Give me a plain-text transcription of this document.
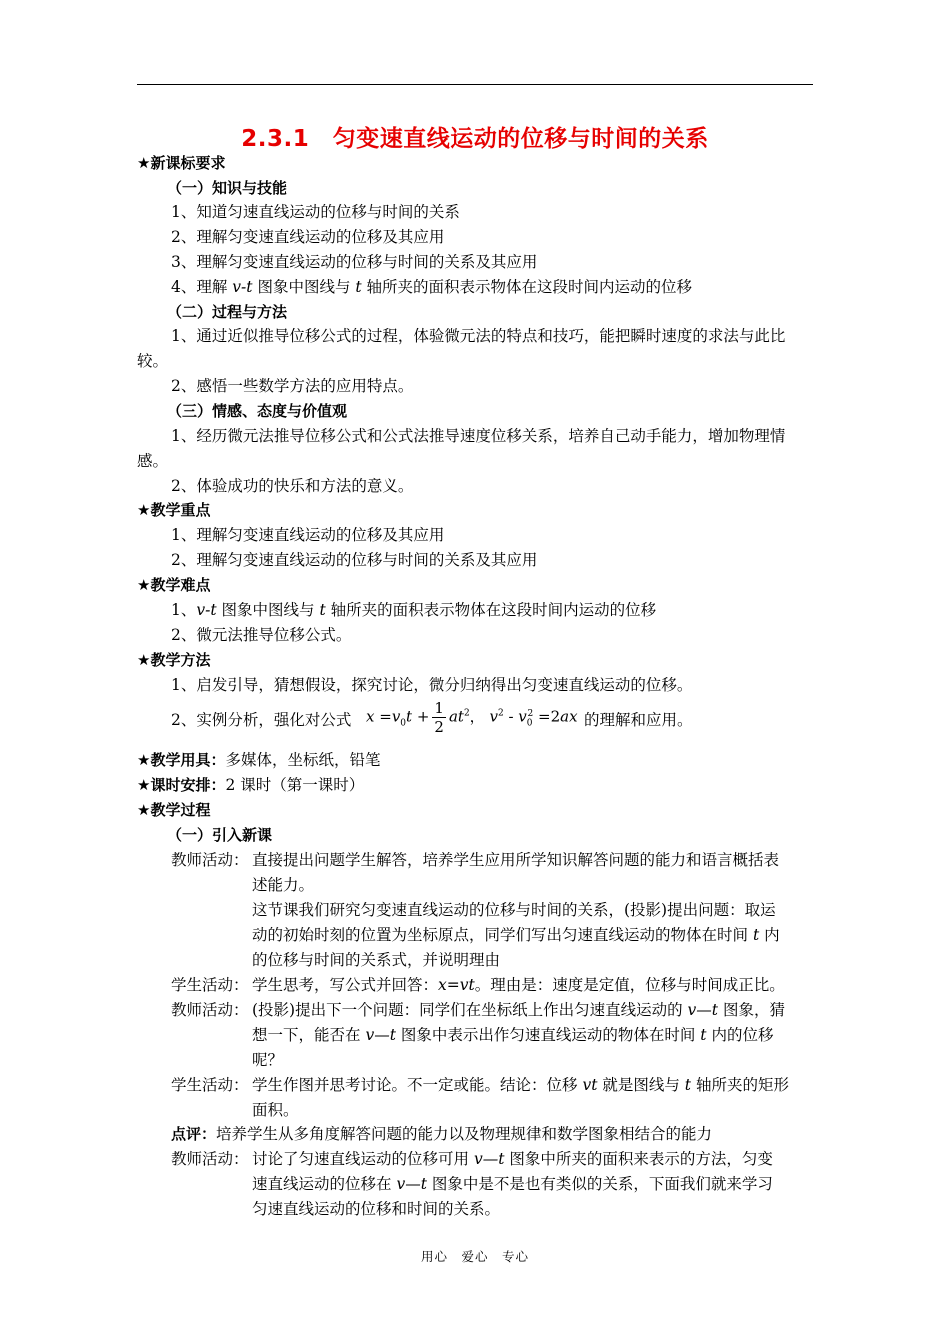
2.3.1　匀变速直线运动的位移与时间的关系
★新课标要求
（一）知识与技能
1、知道匀速直线运动的位移与时间的关系
2、理解匀变速直线运动的位移及其应用
3、理解匀变速直线运动的位移与时间的关系及其应用
4、理解 v-t 图象中图线与 t 轴所夹的面积表示物体在这段时间内运动的位移
（二）过程与方法
1、通过近似推导位移公式的过程，体验微元法的特点和技巧，能把瞬时速度的求法与此比
较。
2、感悟一些数学方法的应用特点。
（三）情感、态度与价值观
1、经历微元法推导位移公式和公式法推导速度位移关系，培养自己动手能力，增加物理情
感。
2、体验成功的快乐和方法的意义。
★教学重点
1、理解匀变速直线运动的位移及其应用
2、理解匀变速直线运动的位移与时间的关系及其应用
★教学难点
1、v-t 图象中图线与 t 轴所夹的面积表示物体在这段时间内运动的位移
2、微元法推导位移公式。
★教学方法
1、启发引导，猜想假设，探究讨论，微分归纳得出匀变速直线运动的位移。
2、实例分析，强化对公式 $x =v_0t + \frac{1}{2} at^2$， $v^2 - v_0^2 =2ax$ 的理解和应用。
★教学用具：多媒体，坐标纸，铅笔
★课时安排：2 课时（第一课时）
★教学过程
（一）引入新课
教师活动： 直接提出问题学生解答，培养学生应用所学知识解答问题的能力和语言概括表
述能力。
这节课我们研究匀变速直线运动的位移与时间的关系，(投影)提出问题：取运
动的初始时刻的位置为坐标原点，同学们写出匀速直线运动的物体在时间 t 内
的位移与时间的关系式，并说明理由
学生活动： 学生思考，写公式并回答：x=vt。理由是：速度是定值，位移与时间成正比。
教师活动： (投影)提出下一个问题：同学们在坐标纸上作出匀速直线运动的 v—t 图象，猜
想一下，能否在 v—t 图象中表示出作匀速直线运动的物体在时间 t 内的位移
呢？
学生活动： 学生作图并思考讨论。不一定或能。结论：位移 vt 就是图线与 t 轴所夹的矩形
面积。
点评：培养学生从多角度解答问题的能力以及物理规律和数学图象相结合的能力
教师活动： 讨论了匀速直线运动的位移可用 v—t 图象中所夹的面积来表示的方法，匀变
速直线运动的位移在 v—t 图象中是不是也有类似的关系，下面我们就来学习
匀速直线运动的位移和时间的关系。
用心　爱心　专心
